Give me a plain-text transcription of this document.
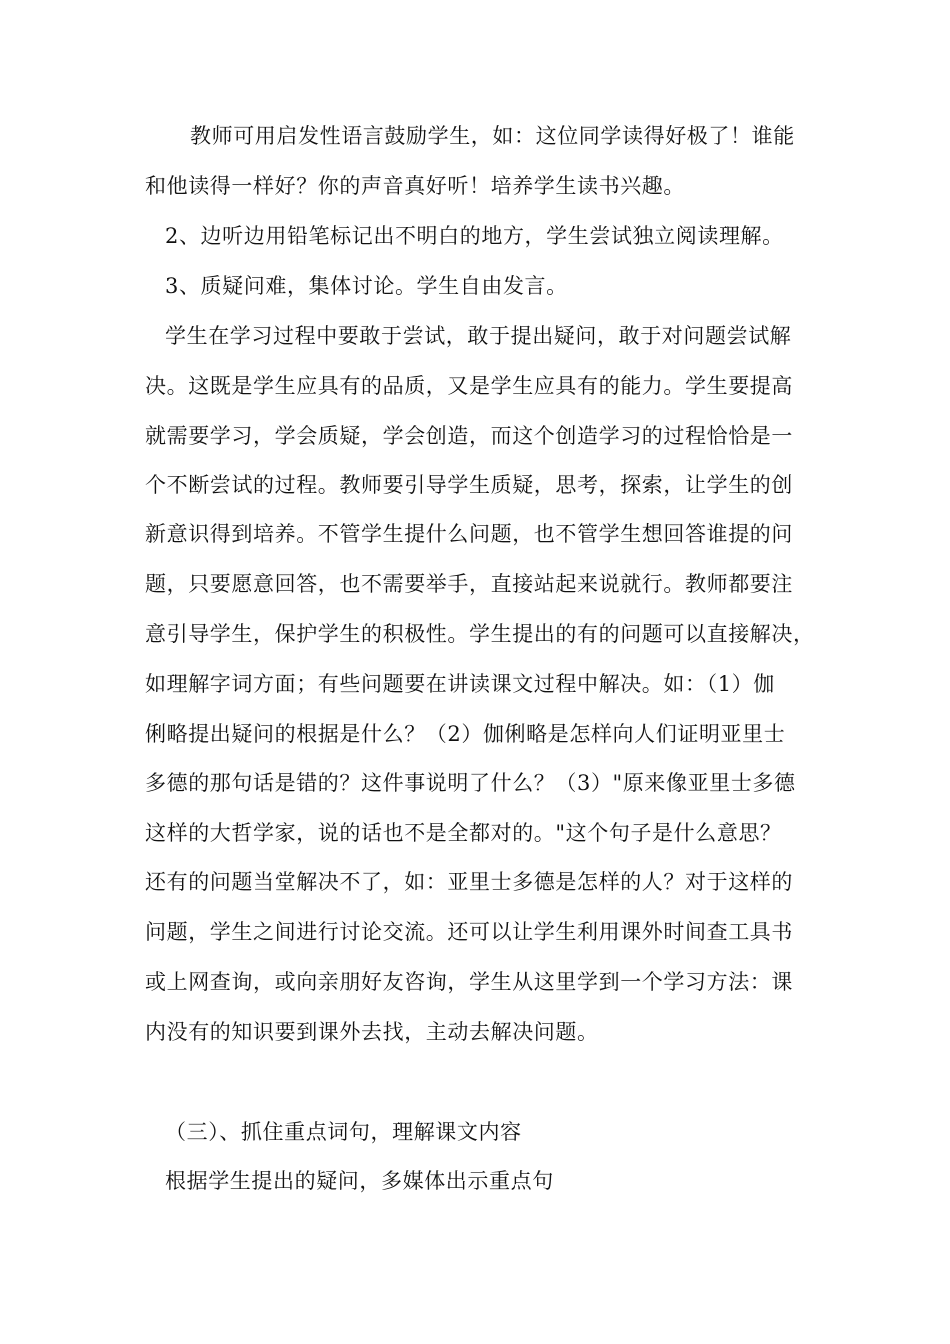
教师可用启发性语言鼓励学生，如：这位同学读得好极了！谁能
和他读得一样好？你的声音真好听！培养学生读书兴趣。
2、边听边用铅笔标记出不明白的地方，学生尝试独立阅读理解。
3、质疑问难，集体讨论。学生自由发言。
学生在学习过程中要敢于尝试，敢于提出疑问，敢于对问题尝试解
决。这既是学生应具有的品质，又是学生应具有的能力。学生要提高
就需要学习，学会质疑，学会创造，而这个创造学习的过程恰恰是一
个不断尝试的过程。教师要引导学生质疑，思考，探索，让学生的创
新意识得到培养。不管学生提什么问题，也不管学生想回答谁提的问
题，只要愿意回答，也不需要举手，直接站起来说就行。教师都要注
意引导学生，保护学生的积极性。学生提出的有的问题可以直接解决，
如理解字词方面；有些问题要在讲读课文过程中解决。如：（1）伽
俐略提出疑问的根据是什么？（2）伽俐略是怎样向人们证明亚里士
多德的那句话是错的？这件事说明了什么？（3）"原来像亚里士多德
这样的大哲学家，说的话也不是全都对的。"这个句子是什么意思？
还有的问题当堂解决不了，如：亚里士多德是怎样的人？对于这样的
问题，学生之间进行讨论交流。还可以让学生利用课外时间查工具书
或上网查询，或向亲朋好友咨询，学生从这里学到一个学习方法：课
内没有的知识要到课外去找，主动去解决问题。
（三）、抓住重点词句，理解课文内容
根据学生提出的疑问，多媒体出示重点句
